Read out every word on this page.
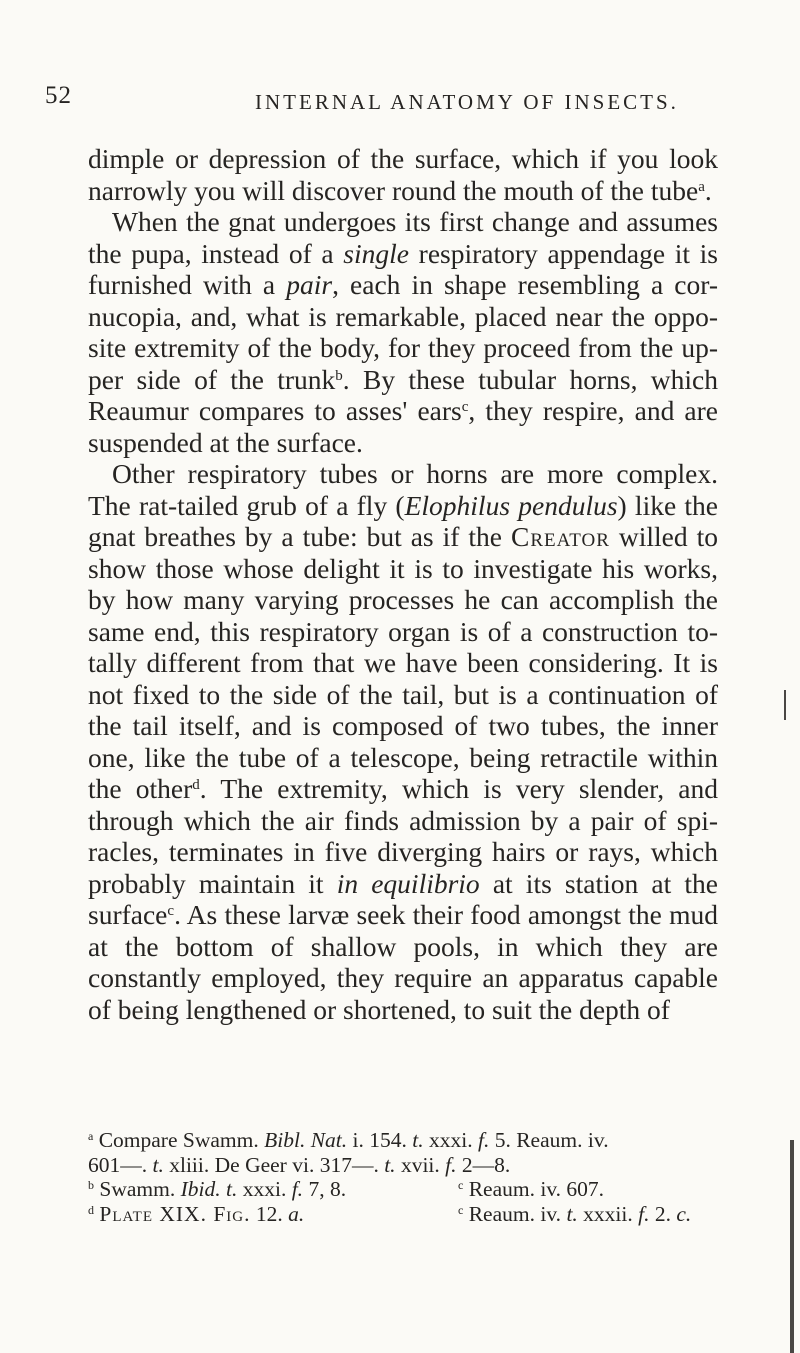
52	INTERNAL ANATOMY OF INSECTS.

dimple or depression of the surface, which if you look narrowly you will discover round the mouth of the tube$^a$.

When the gnat undergoes its first change and assumes the pupa, instead of a single respiratory appendage it is furnished with a pair, each in shape resembling a cor-nucopia, and, what is remarkable, placed near the oppo-site extremity of the body, for they proceed from the up-per side of the trunk$^b$. By these tubular horns, which Reaumur compares to asses' ears$^c$, they respire, and are suspended at the surface.

Other respiratory tubes or horns are more complex. The rat-tailed grub of a fly (Elophilus pendulus) like the gnat breathes by a tube: but as if the Creator willed to show those whose delight it is to investigate his works, by how many varying processes he can accomplish the same end, this respiratory organ is of a construction to-tally different from that we have been considering. It is not fixed to the side of the tail, but is a continuation of the tail itself, and is composed of two tubes, the inner one, like the tube of a telescope, being retractile within the other$^d$. The extremity, which is very slender, and through which the air finds admission by a pair of spi-racles, terminates in five diverging hairs or rays, which probably maintain it in equilibrio at its station at the surface$^c$. As these larvæ seek their food amongst the mud at the bottom of shallow pools, in which they are constantly employed, they require an apparatus capable of being lengthened or shortened, to suit the depth of

$^a$ Compare Swamm. Bibl. Nat. i. 154. t. xxxi. f. 5. Reaum. iv.
601—. t. xliii. De Geer vi. 317—. t. xvii. f. 2—8.
$^b$ Swamm. Ibid. t. xxxi. f. 7, 8.	$^c$ Reaum. iv. 607.
$^d$ Plate XIX. Fig. 12. a.	$^c$ Reaum. iv. t. xxxii. f. 2. c.
